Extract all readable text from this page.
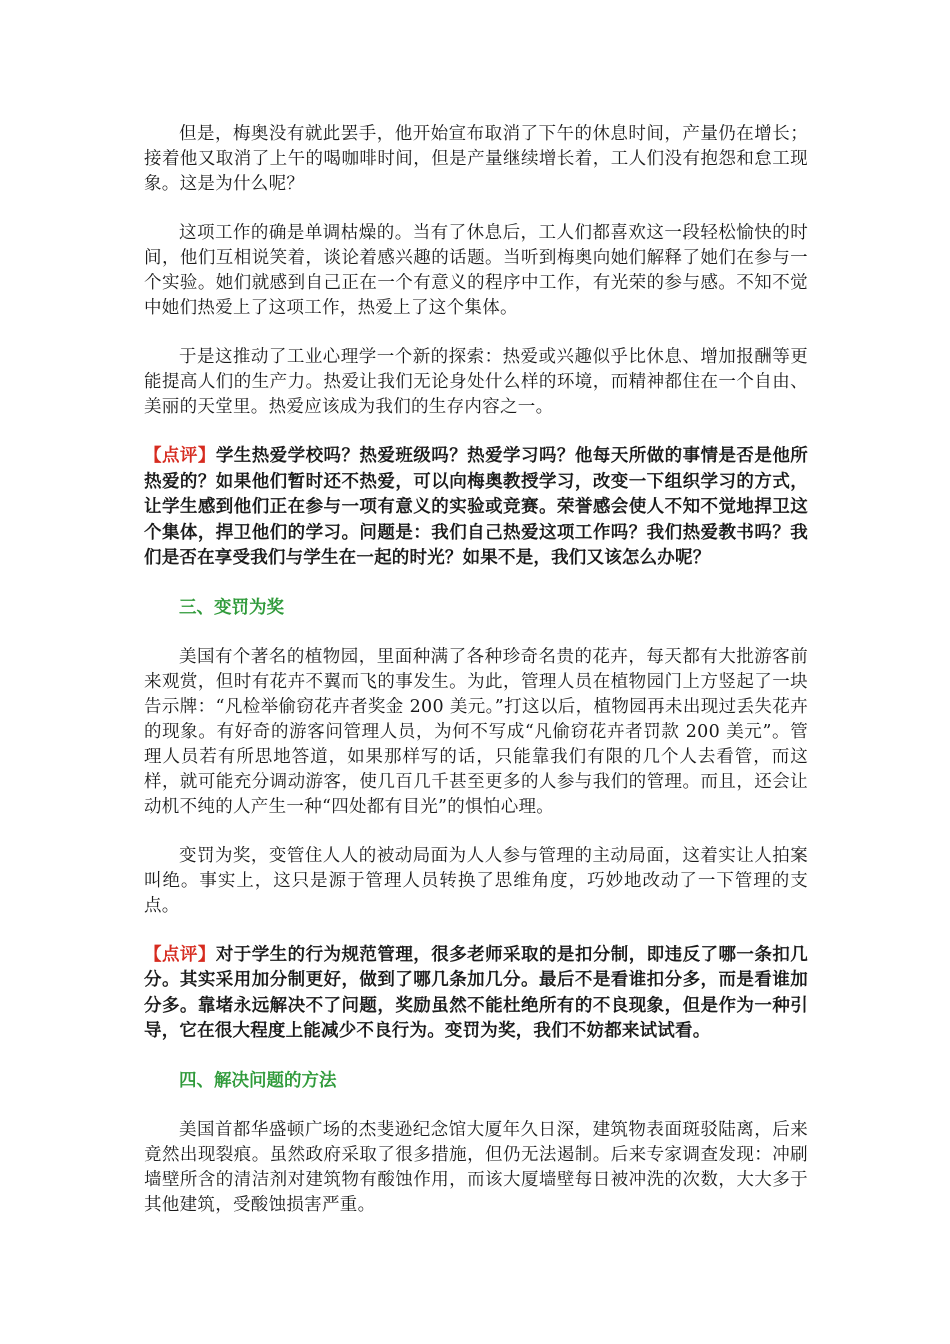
但是，梅奥没有就此罢手，他开始宣布取消了下午的休息时间，产量仍在增长；接着他又取消了上午的喝咖啡时间，但是产量继续增长着，工人们没有抱怨和怠工现象。这是为什么呢？

这项工作的确是单调枯燥的。当有了休息后，工人们都喜欢这一段轻松愉快的时间，他们互相说笑着，谈论着感兴趣的话题。当听到梅奥向她们解释了她们在参与一个实验。她们就感到自己正在一个有意义的程序中工作，有光荣的参与感。不知不觉中她们热爱上了这项工作，热爱上了这个集体。

于是这推动了工业心理学一个新的探索：热爱或兴趣似乎比休息、增加报酬等更能提高人们的生产力。热爱让我们无论身处什么样的环境，而精神都住在一个自由、美丽的天堂里。热爱应该成为我们的生存内容之一。

【点评】学生热爱学校吗？热爱班级吗？热爱学习吗？他每天所做的事情是否是他所热爱的？如果他们暂时还不热爱，可以向梅奥教授学习，改变一下组织学习的方式，让学生感到他们正在参与一项有意义的实验或竞赛。荣誉感会使人不知不觉地捍卫这个集体，捍卫他们的学习。问题是：我们自己热爱这项工作吗？我们热爱教书吗？我们是否在享受我们与学生在一起的时光？如果不是，我们又该怎么办呢？

三、变罚为奖

美国有个著名的植物园，里面种满了各种珍奇名贵的花卉，每天都有大批游客前来观赏，但时有花卉不翼而飞的事发生。为此，管理人员在植物园门上方竖起了一块告示牌：“凡检举偷窃花卉者奖金 200 美元。”打这以后，植物园再未出现过丢失花卉的现象。有好奇的游客问管理人员，为何不写成“凡偷窃花卉者罚款 200 美元”。管理人员若有所思地答道，如果那样写的话，只能靠我们有限的几个人去看管，而这样，就可能充分调动游客，使几百几千甚至更多的人参与我们的管理。而且，还会让动机不纯的人产生一种“四处都有目光”的惧怕心理。

变罚为奖，变管住人人的被动局面为人人参与管理的主动局面，这着实让人拍案叫绝。事实上，这只是源于管理人员转换了思维角度，巧妙地改动了一下管理的支点。

【点评】对于学生的行为规范管理，很多老师采取的是扣分制，即违反了哪一条扣几分。其实采用加分制更好，做到了哪几条加几分。最后不是看谁扣分多，而是看谁加分多。靠堵永远解决不了问题，奖励虽然不能杜绝所有的不良现象，但是作为一种引导，它在很大程度上能减少不良行为。变罚为奖，我们不妨都来试试看。

四、解决问题的方法

美国首都华盛顿广场的杰斐逊纪念馆大厦年久日深，建筑物表面斑驳陆离，后来竟然出现裂痕。虽然政府采取了很多措施，但仍无法遏制。后来专家调查发现：冲刷墙壁所含的清洁剂对建筑物有酸蚀作用，而该大厦墙壁每日被冲洗的次数，大大多于其他建筑，受酸蚀损害严重。
